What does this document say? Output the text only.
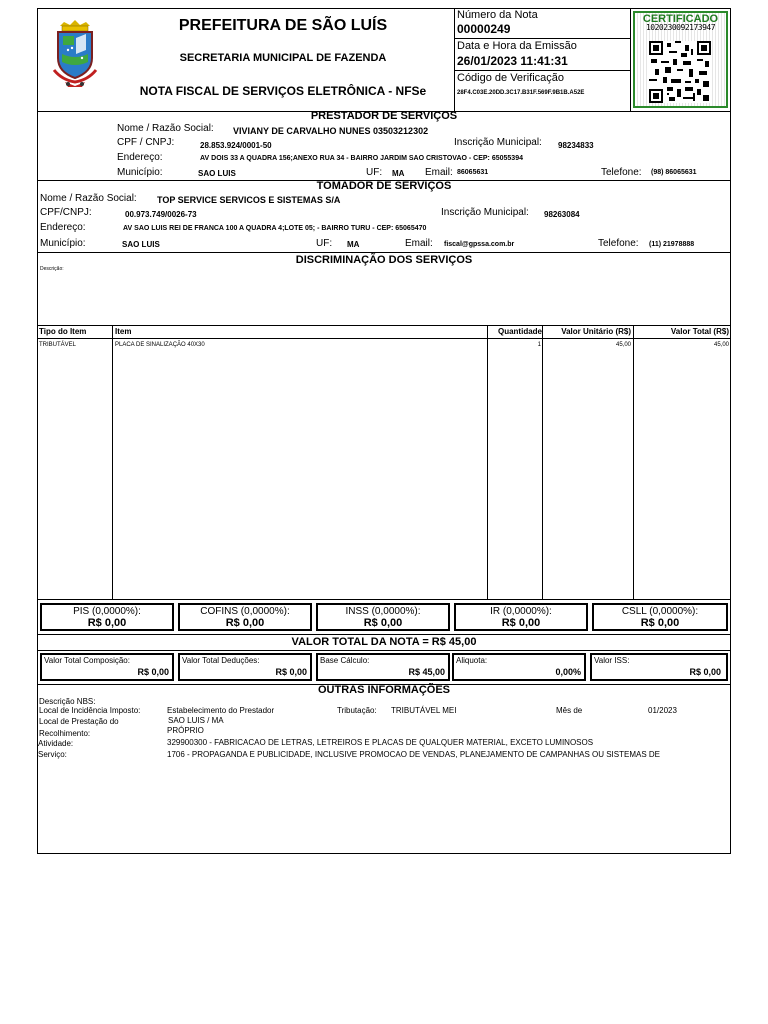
PREFEITURA DE SÃO LUÍS
SECRETARIA MUNICIPAL DE FAZENDA
NOTA FISCAL DE SERVIÇOS ELETRÔNICA - NFSe
Número da Nota
00000249
Data e Hora da Emissão
26/01/2023 11:41:31
Código de Verificação
28F4.C03E.20DD.3C17.B31F.569F.9B1B.A52E
CERTIFICADO
1020230092173947
PRESTADOR DE SERVIÇOS
Nome / Razão Social: VIVIANY DE CARVALHO NUNES 03503212302
CPF / CNPJ:	28.853.924/0001-50	Inscrição Municipal: 98234833
Endereço:	AV DOIS 33 A QUADRA 156;ANEXO RUA 34 - BAIRRO JARDIM SAO CRISTOVAO - CEP: 65055394
Município:	SAO LUIS	UF: MA Email: 86065631	Telefone: (98) 86065631
TOMADOR DE SERVIÇOS
Nome / Razão Social: TOP SERVICE SERVICOS E SISTEMAS S/A
CPF/CNPJ:	00.973.749/0026-73	Inscrição Municipal: 98263084
Endereço:	AV SAO LUIS REI DE FRANCA 100 A QUADRA 4;LOTE 05; - BAIRRO TURU - CEP: 65065470
Município:	SAO LUIS	UF: MA	Email: fiscal@gpssa.com.br	Telefone: (11) 21978888
DISCRIMINAÇÃO DOS SERVIÇOS
Descrição:
Tipo do Item	Item	Quantidade	Valor Unitário (R$)	Valor Total (R$)
TRIBUTÁVEL	PLACA DE SINALIZAÇÃO 40X30	1	45,00	45,00
PIS (0,0000%):
R$ 0,00
COFINS (0,0000%):
R$ 0,00
INSS (0,0000%):
R$ 0,00
IR (0,0000%):
R$ 0,00
CSLL (0,0000%):
R$ 0,00
VALOR TOTAL DA NOTA = R$ 45,00
Valor Total Composição:
R$ 0,00
Valor Total Deduções:
R$ 0,00
Base Cálculo:
R$ 45,00
Aliquota:
0,00%
Valor ISS:
R$ 0,00
OUTRAS INFORMAÇÕES
Descrição NBS:
Local de Incidência Imposto:	Estabelecimento do Prestador	Tributação: TRIBUTÁVEL MEI	Mês de	01/2023
Local de Prestação do	SAO LUIS / MA
Recolhimento:	PRÓPRIO
Atividade:	329900300 - FABRICACAO DE LETRAS, LETREIROS E PLACAS DE QUALQUER MATERIAL, EXCETO LUMINOSOS
Serviço:	1706 - PROPAGANDA E PUBLICIDADE, INCLUSIVE PROMOCAO DE VENDAS, PLANEJAMENTO DE CAMPANHAS OU SISTEMAS DE
